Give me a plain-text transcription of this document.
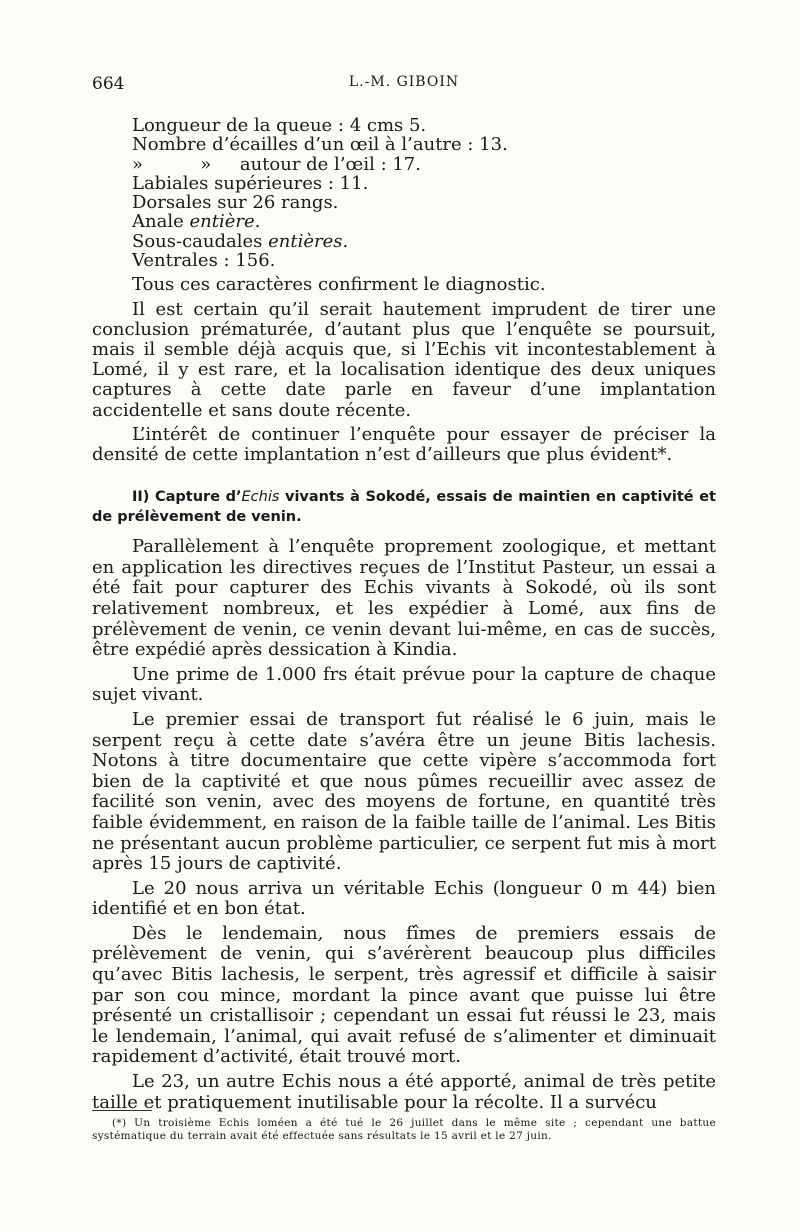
664	L.-M. GIBOIN
Longueur de la queue : 4 cms 5.
Nombre d’écailles d’un œil à l’autre : 13.
»          »     autour de l’œil : 17.
Labiales supérieures : 11.
Dorsales sur 26 rangs.
Anale entière.
Sous-caudales entières.
Ventrales : 156.

Tous ces caractères confirment le diagnostic.

Il est certain qu’il serait hautement imprudent de tirer une conclusion prématurée, d’autant plus que l’enquête se poursuit, mais il semble déjà acquis que, si l’Echis vit incontestablement à Lomé, il y est rare, et la localisation identique des deux uniques captures à cette date parle en faveur d’une implantation accidentelle et sans doute récente.

L’intérêt de continuer l’enquête pour essayer de préciser la densité de cette implantation n’est d’ailleurs que plus évident*.

II) Capture d’Echis vivants à Sokodé, essais de maintien en captivité et de prélèvement de venin.

Parallèlement à l’enquête proprement zoologique, et mettant en application les directives reçues de l’Institut Pasteur, un essai a été fait pour capturer des Echis vivants à Sokodé, où ils sont relativement nombreux, et les expédier à Lomé, aux fins de prélèvement de venin, ce venin devant lui-même, en cas de succès, être expédié après dessication à Kindia.

Une prime de 1.000 frs était prévue pour la capture de chaque sujet vivant.

Le premier essai de transport fut réalisé le 6 juin, mais le serpent reçu à cette date s’avéra être un jeune Bitis lachesis. Notons à titre documentaire que cette vipère s’accommoda fort bien de la captivité et que nous pûmes recueillir avec assez de facilité son venin, avec des moyens de fortune, en quantité très faible évidemment, en raison de la faible taille de l’animal. Les Bitis ne présentant aucun problème particulier, ce serpent fut mis à mort après 15 jours de captivité.

Le 20 nous arriva un véritable Echis (longueur 0 m 44) bien identifié et en bon état.

Dès le lendemain, nous fîmes de premiers essais de prélèvement de venin, qui s’avérèrent beaucoup plus difficiles qu’avec Bitis lachesis, le serpent, très agressif et difficile à saisir par son cou mince, mordant la pince avant que puisse lui être présenté un cristallisoir ; cependant un essai fut réussi le 23, mais le lendemain, l’animal, qui avait refusé de s’alimenter et diminuait rapidement d’activité, était trouvé mort.

Le 23, un autre Echis nous a été apporté, animal de très petite taille et pratiquement inutilisable pour la récolte. Il a survécu

(*) Un troisième Echis loméen a été tué le 26 juillet dans le même site ; cependant une battue systématique du terrain avait été effectuée sans résultats le 15 avril et le 27 juin.
